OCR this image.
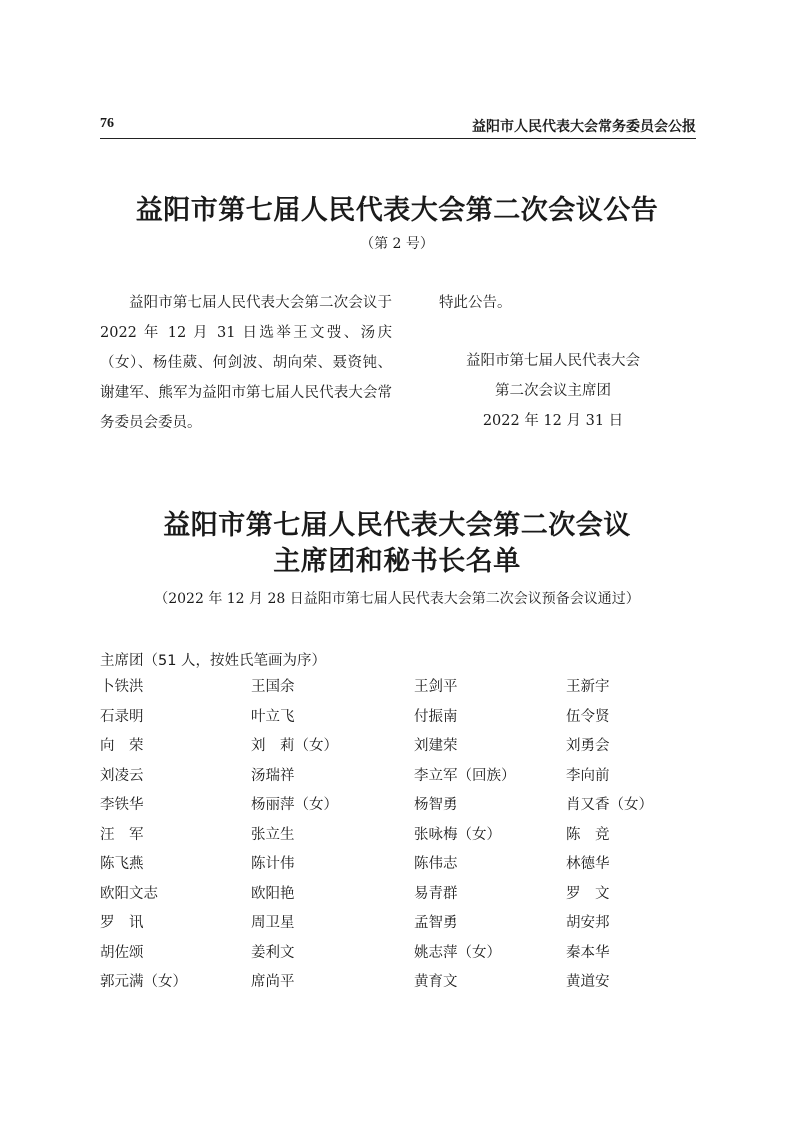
76	益阳市人民代表大会常务委员会公报
益阳市第七届人民代表大会第二次会议公告
（第 2 号）

益阳市第七届人民代表大会第二次会议于 2022 年 12 月 31 日选举王文弢、汤庆（女）、杨佳葳、何剑波、胡向荣、聂资钝、谢建军、熊军为益阳市第七届人民代表大会常务委员会委员。

特此公告。

益阳市第七届人民代表大会
第二次会议主席团
2022 年 12 月 31 日
益阳市第七届人民代表大会第二次会议
主席团和秘书长名单
（2022 年 12 月 28 日益阳市第七届人民代表大会第二次会议预备会议通过）
主席团（51 人，按姓氏笔画为序）
卜铁洪	王国余	王剑平	王新宇
石录明	叶立飞	付振南	伍令贤
向　荣	刘　莉（女）	刘建荣	刘勇会
刘凌云	汤瑞祥	李立军（回族）	李向前
李铁华	杨丽萍（女）	杨智勇	肖又香（女）
汪　军	张立生	张咏梅（女）	陈　竞
陈飞燕	陈计伟	陈伟志	林德华
欧阳文志	欧阳艳	易青群	罗　文
罗　讯	周卫星	孟智勇	胡安邦
胡佐颂	姜利文	姚志萍（女）	秦本华
郭元满（女）	席尚平	黄育文	黄道安
